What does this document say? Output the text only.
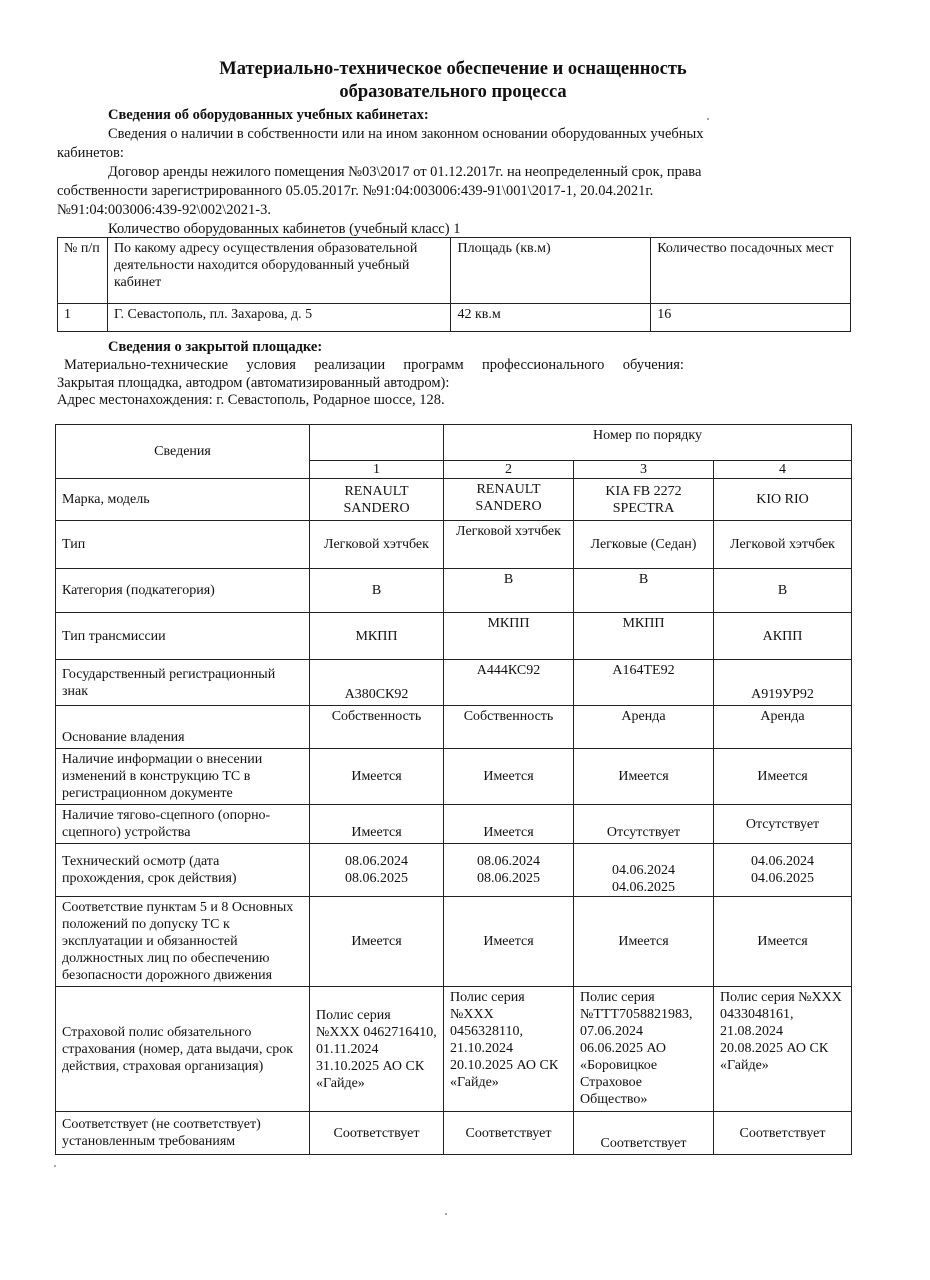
Материально-техническое обеспечение и оснащенность
образовательного процесса
Сведения об оборудованных учебных кабинетах:
Сведения о наличии в собственности или на ином законном основании оборудованных учебных
кабинетов:
Договор аренды нежилого помещения №03\2017 от 01.12.2017г. на неопределенный срок, права
собственности зарегистрированного 05.05.2017г. №91:04:003006:439-91\001\2017-1, 20.04.2021г.
№91:04:003006:439-92\002\2021-3.
Количество оборудованных кабинетов (учебный класс) 1
№ п/п	По какому адресу осуществления образовательной деятельности находится оборудованный учебный кабинет	Площадь (кв.м)	Количество посадочных мест
1	Г. Севастополь, пл. Захарова, д. 5	42 кв.м	16
Сведения о закрытой площадке:
Материально-технические условия реализации программ профессионального обучения:
Закрытая площадка, автодром (автоматизированный автодром):
Адрес местонахождения: г. Севастополь, Родарное шоссе, 128.
Сведения		Номер по порядку		
	1	2	3	4
Марка, модель	RENAULT SANDERO	RENAULT SANDERO	KIA FB 2272 SPECTRA	KIO RIO
Тип	Легковой хэтчбек	Легковой хэтчбек	Легковые (Седан)	Легковой хэтчбек
Категория (подкатегория)	B	B	B	B
Тип трансмиссии	МКПП	МКПП	МКПП	АКПП
Государственный регистрационный знак	А380СК92	А444КС92	А164ТЕ92	А919УР92
Основание владения	Собственность	Собственность	Аренда	Аренда
Наличие информации о внесении изменений в конструкцию ТС в регистрационном документе	Имеется	Имеется	Имеется	Имеется
Наличие тягово-сцепного (опорно-сцепного) устройства	Имеется	Имеется	Отсутствует	Отсутствует
Технический осмотр (дата прохождения, срок действия)	08.06.2024 08.06.2025	08.06.2024 08.06.2025	04.06.2024 04.06.2025	04.06.2024 04.06.2025
Соответствие пунктам 5 и 8 Основных положений по допуску ТС к эксплуатации и обязанностей должностных лиц по обеспечению безопасности дорожного движения	Имеется	Имеется	Имеется	Имеется
Страховой полис обязательного страхования (номер, дата выдачи, срок действия, страховая организация)	Полис серия №XXX 0462716410, 01.11.2024 31.10.2025 АО СК «Гайде»	Полис серия №XXX 0456328110, 21.10.2024 20.10.2025 АО СК «Гайде»	Полис серия №ТТТ7058821983, 07.06.2024 06.06.2025 АО «Боровицкое Страховое Общество»	Полис серия №XXX 0433048161, 21.08.2024 20.08.2025 АО СК «Гайде»
Соответствует (не соответствует) установленным требованиям	Соответствует	Соответствует	Соответствует	Соответствует
